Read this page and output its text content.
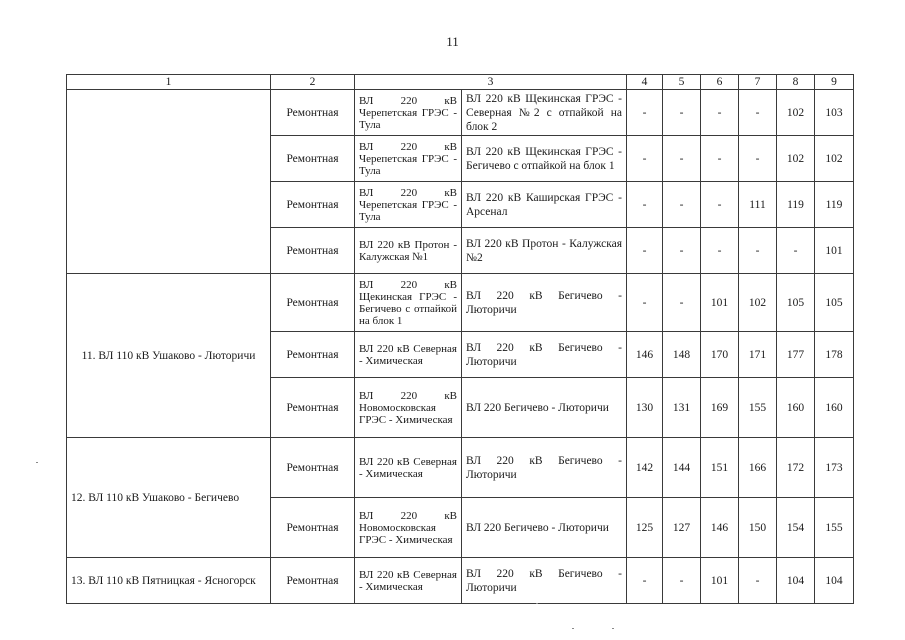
11
1	2	3		4	5	6	7	8	9
	Ремонтная	ВЛ 220 кВ Черепетская ГРЭС - Тула	ВЛ 220 кВ Щекинская ГРЭС - Северная №2 с отпайкой на блок 2	-	-	-	-	102	103
	Ремонтная	ВЛ 220 кВ Черепетская ГРЭС - Тула	ВЛ 220 кВ Щекинская ГРЭС - Бегичево с отпайкой на блок 1	-	-	-	-	102	102
	Ремонтная	ВЛ 220 кВ Черепетская ГРЭС - Тула	ВЛ 220 кВ Каширская ГРЭС - Арсенал	-	-	-	111	119	119
	Ремонтная	ВЛ 220 кВ Протон - Калужская №1	ВЛ 220 кВ Протон - Калужская №2	-	-	-	-	-	101
11. ВЛ 110 кВ Ушаково - Люторичи	Ремонтная	ВЛ 220 кВ Щекинская ГРЭС - Бегичево с отпайкой на блок 1	ВЛ 220 кВ Бегичево - Люторичи	-	-	101	102	105	105
	Ремонтная	ВЛ 220 кВ Северная - Химическая	ВЛ 220 кВ Бегичево - Люторичи	146	148	170	171	177	178
	Ремонтная	ВЛ 220 кВ Новомосковская ГРЭС - Химическая	ВЛ 220 Бегичево - Люторичи	130	131	169	155	160	160
12. ВЛ 110 кВ Ушаково - Бегичево	Ремонтная	ВЛ 220 кВ Северная - Химическая	ВЛ 220 кВ Бегичево - Люторичи	142	144	151	166	172	173
	Ремонтная	ВЛ 220 кВ Новомосковская ГРЭС - Химическая	ВЛ 220 Бегичево - Люторичи	125	127	146	150	154	155
13. ВЛ 110 кВ Пятницкая - Ясногорск	Ремонтная	ВЛ 220 кВ Северная - Химическая	ВЛ 220 кВ Бегичево - Люторичи	-	-	101	-	104	104
